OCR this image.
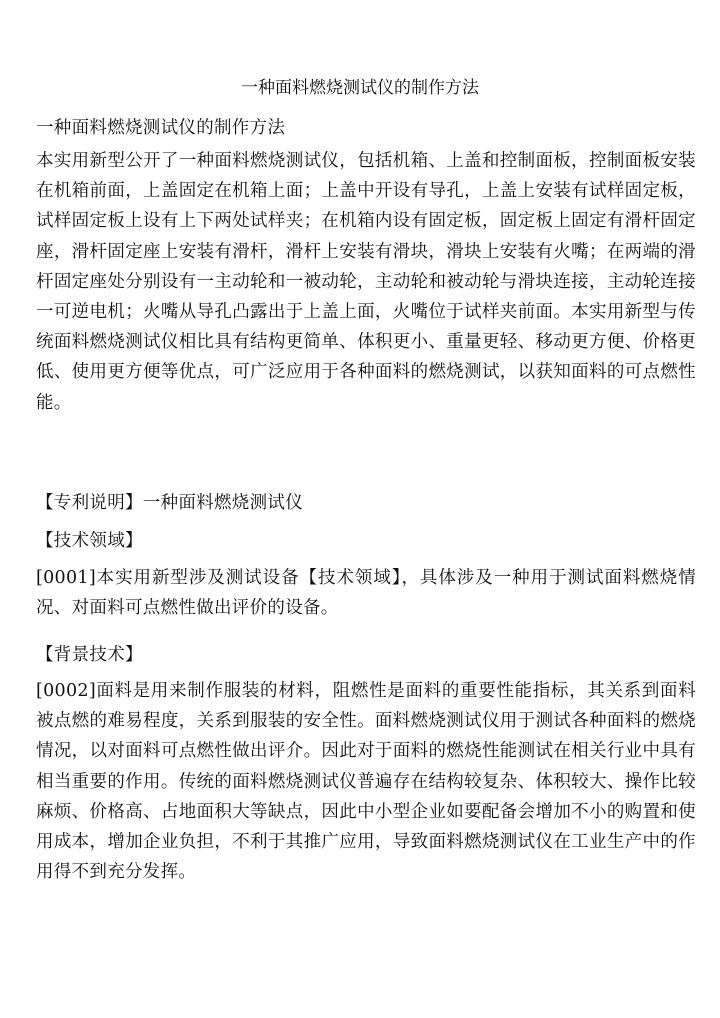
一种面料燃烧测试仪的制作方法
一种面料燃烧测试仪的制作方法

本实用新型公开了一种面料燃烧测试仪，包括机箱、上盖和控制面板，控制面板安装在机箱前面，上盖固定在机箱上面；上盖中开设有导孔，上盖上安装有试样固定板，试样固定板上设有上下两处试样夹；在机箱内设有固定板，固定板上固定有滑杆固定座，滑杆固定座上安装有滑杆，滑杆上安装有滑块，滑块上安装有火嘴；在两端的滑杆固定座处分别设有一主动轮和一被动轮，主动轮和被动轮与滑块连接，主动轮连接一可逆电机；火嘴从导孔凸露出于上盖上面，火嘴位于试样夹前面。本实用新型与传统面料燃烧测试仪相比具有结构更简单、体积更小、重量更轻、移动更方便、价格更低、使用更方便等优点，可广泛应用于各种面料的燃烧测试，以获知面料的可点燃性能。

【专利说明】一种面料燃烧测试仪
【技术领域】

[0001]本实用新型涉及测试设备【技术领域】，具体涉及一种用于测试面料燃烧情况、对面料可点燃性做出评价的设备。

【背景技术】

[0002]面料是用来制作服装的材料，阻燃性是面料的重要性能指标，其关系到面料被点燃的难易程度，关系到服装的安全性。面料燃烧测试仪用于测试各种面料的燃烧情况，以对面料可点燃性做出评介。因此对于面料的燃烧性能测试在相关行业中具有相当重要的作用。传统的面料燃烧测试仪普遍存在结构较复杂、体积较大、操作比较麻烦、价格高、占地面积大等缺点，因此中小型企业如要配备会增加不小的购置和使用成本，增加企业负担，不利于其推广应用，导致面料燃烧测试仪在工业生产中的作用得不到充分发挥。
